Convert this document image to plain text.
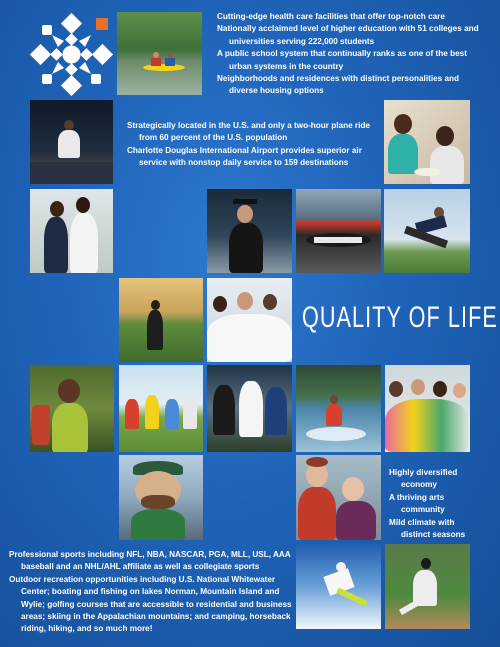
Cutting-edge health care facilities that offer top-notch care

Nationally acclaimed level of higher education with 51 colleges and universities serving 222,000 students

A public school system that continually ranks as one of the best urban systems in the country

Neighborhoods and residences with distinct personalities and diverse housing options

Strategically located in the U.S. and only a two-hour plane ride from 60 percent of the U.S. population

Charlotte Douglas International Airport provides superior air service with nonstop daily service to 159 destinations

QUALITY OF LIFE

Highly diversified economy

A thriving arts community

Mild climate with distinct seasons

Professional sports including NFL, NBA, NASCAR, PGA, MLL, USL, AAA baseball and an NHL/AHL affiliate as well as collegiate sports

Outdoor recreation opportunities including U.S. National Whitewater Center; boating and fishing on lakes Norman, Mountain Island and Wylie; golfing courses that are accessible to residential and business areas; skiing in the Appalachian mountains; and camping, horseback riding, hiking, and so much more!
